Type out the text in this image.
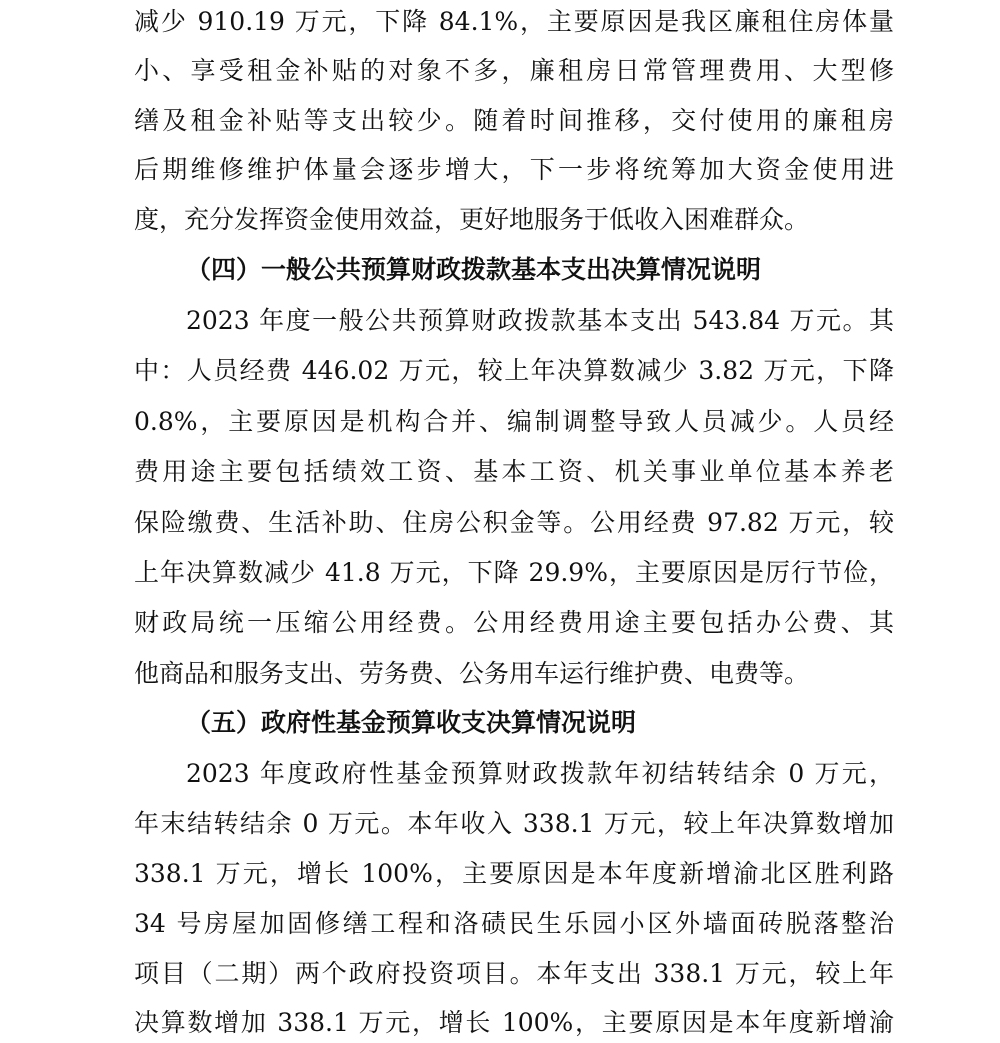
减少 910.19 万元，下降 84.1%，主要原因是我区廉租住房体量
小、享受租金补贴的对象不多，廉租房日常管理费用、大型修
缮及租金补贴等支出较少。随着时间推移，交付使用的廉租房
后期维修维护体量会逐步增大，下一步将统筹加大资金使用进
度，充分发挥资金使用效益，更好地服务于低收入困难群众。
（四）一般公共预算财政拨款基本支出决算情况说明
2023 年度一般公共预算财政拨款基本支出 543.84 万元。其
中：人员经费 446.02 万元，较上年决算数减少 3.82 万元，下降
0.8%，主要原因是机构合并、编制调整导致人员减少。人员经
费用途主要包括绩效工资、基本工资、机关事业单位基本养老
保险缴费、生活补助、住房公积金等。公用经费 97.82 万元，较
上年决算数减少 41.8 万元，下降 29.9%，主要原因是厉行节俭，
财政局统一压缩公用经费。公用经费用途主要包括办公费、其
他商品和服务支出、劳务费、公务用车运行维护费、电费等。
（五）政府性基金预算收支决算情况说明
2023 年度政府性基金预算财政拨款年初结转结余 0 万元，
年末结转结余 0 万元。本年收入 338.1 万元，较上年决算数增加
338.1 万元，增长 100%，主要原因是本年度新增渝北区胜利路
34 号房屋加固修缮工程和洛碛民生乐园小区外墙面砖脱落整治
项目（二期）两个政府投资项目。本年支出 338.1 万元，较上年
决算数增加 338.1 万元，增长 100%，主要原因是本年度新增渝
